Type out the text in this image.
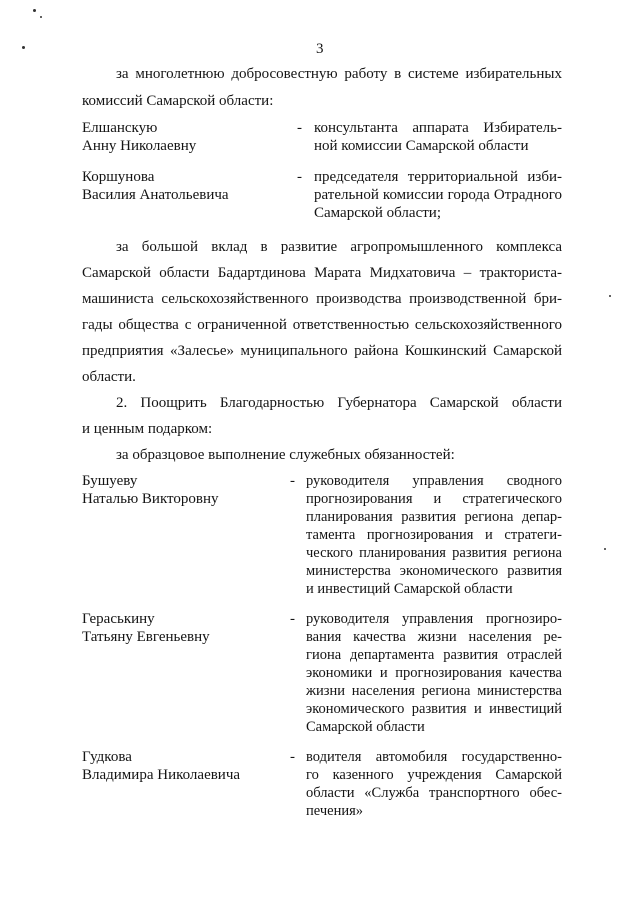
3
за многолетнюю добросовестную работу в системе избирательных
комиссий Самарской области:
Елшанскую
Анну Николаевну
- консультанта аппарата Избиратель-
ной комиссии Самарской области
Коршунова
Василия Анатольевича
- председателя территориальной изби-
рательной комиссии города Отрадного
Самарской области;
за большой вклад в развитие агропромышленного комплекса
Самарской области Бадартдинова Марата Мидхатовича – тракториста-
машиниста сельскохозяйственного производства производственной бри-
гады общества с ограниченной ответственностью сельскохозяйственного
предприятия «Залесье» муниципального района Кошкинский Самарской
области.
2. Поощрить Благодарностью Губернатора Самарской области
и ценным подарком:
за образцовое выполнение служебных обязанностей:
Бушуеву
Наталью Викторовну
- руководителя управления сводного
прогнозирования и стратегического
планирования развития региона депар-
тамента прогнозирования и стратеги-
ческого планирования развития региона
министерства экономического развития
и инвестиций Самарской области
Гераськину
Татьяну Евгеньевну
- руководителя управления прогнозиро-
вания качества жизни населения ре-
гиона департамента развития отраслей
экономики и прогнозирования качества
жизни населения региона министерства
экономического развития и инвестиций
Самарской области
Гудкова
Владимира Николаевича
- водителя автомобиля государственно-
го казенного учреждения Самарской
области «Служба транспортного обес-
печения»
